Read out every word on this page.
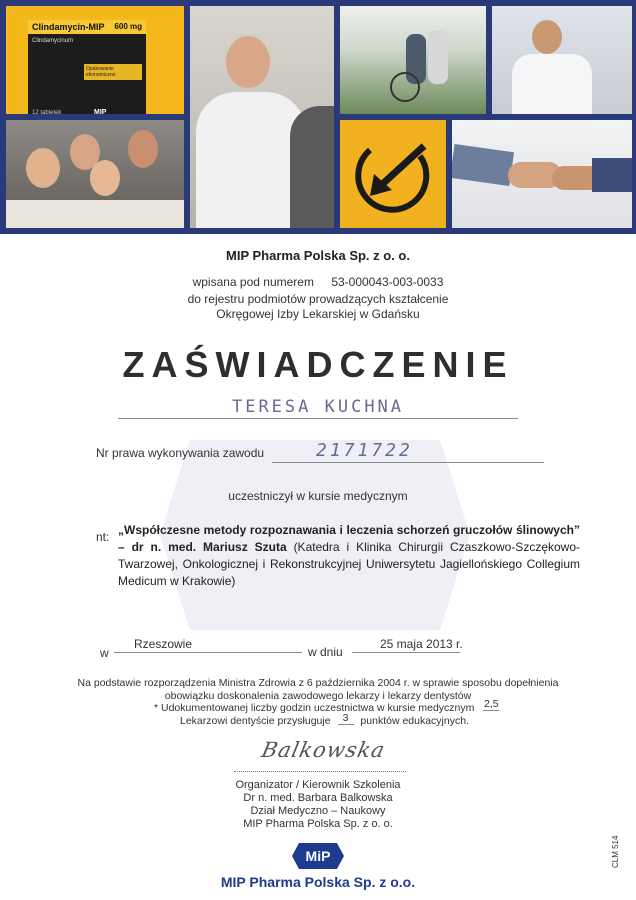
Clindamycin-MIP 600 mg
Clindamycinum
Opakowanie ekonomiczne
12 tabletek	MIP
MIP Pharma Polska Sp. z o. o.
wpisana pod numerem 53-000043-003-0033
do rejestru podmiotów prowadzących kształcenie
Okręgowej Izby Lekarskiej w Gdańsku
ZAŚWIADCZENIE
TERESA KUCHNA
Nr prawa wykonywania zawodu	2171722
uczestniczył w kursie medycznym
nt: „Współczesne metody rozpoznawania i leczenia schorzeń gruczołów ślinowych” – dr n. med. Mariusz Szuta (Katedra i Klinika Chirurgii Czaszkowo-Szczękowo-Twarzowej, Onkologicznej i Rekonstrukcyjnej Uniwersytetu Jagiellońskiego Collegium Medicum w Krakowie)
w
Rzeszowie
w dniu
25 maja 2013 r.
Na podstawie rozporządzenia Ministra Zdrowia z 6 października 2004 r. w sprawie sposobu dopełnienia
obowiązku doskonalenia zawodowego lekarzy i lekarzy dentystów
* Udokumentowanej liczby godzin uczestnictwa w kursie medycznym 2,5
Lekarzowi dentyście przysługuje 3 punktów edukacyjnych.
Balkowska
Organizator / Kierownik Szkolenia
Dr n. med. Barbara Balkowska
Dział Medyczno – Naukowy
MIP Pharma Polska Sp. z o. o.
MiP
MIP Pharma Polska Sp. z o.o.
CLM 514
